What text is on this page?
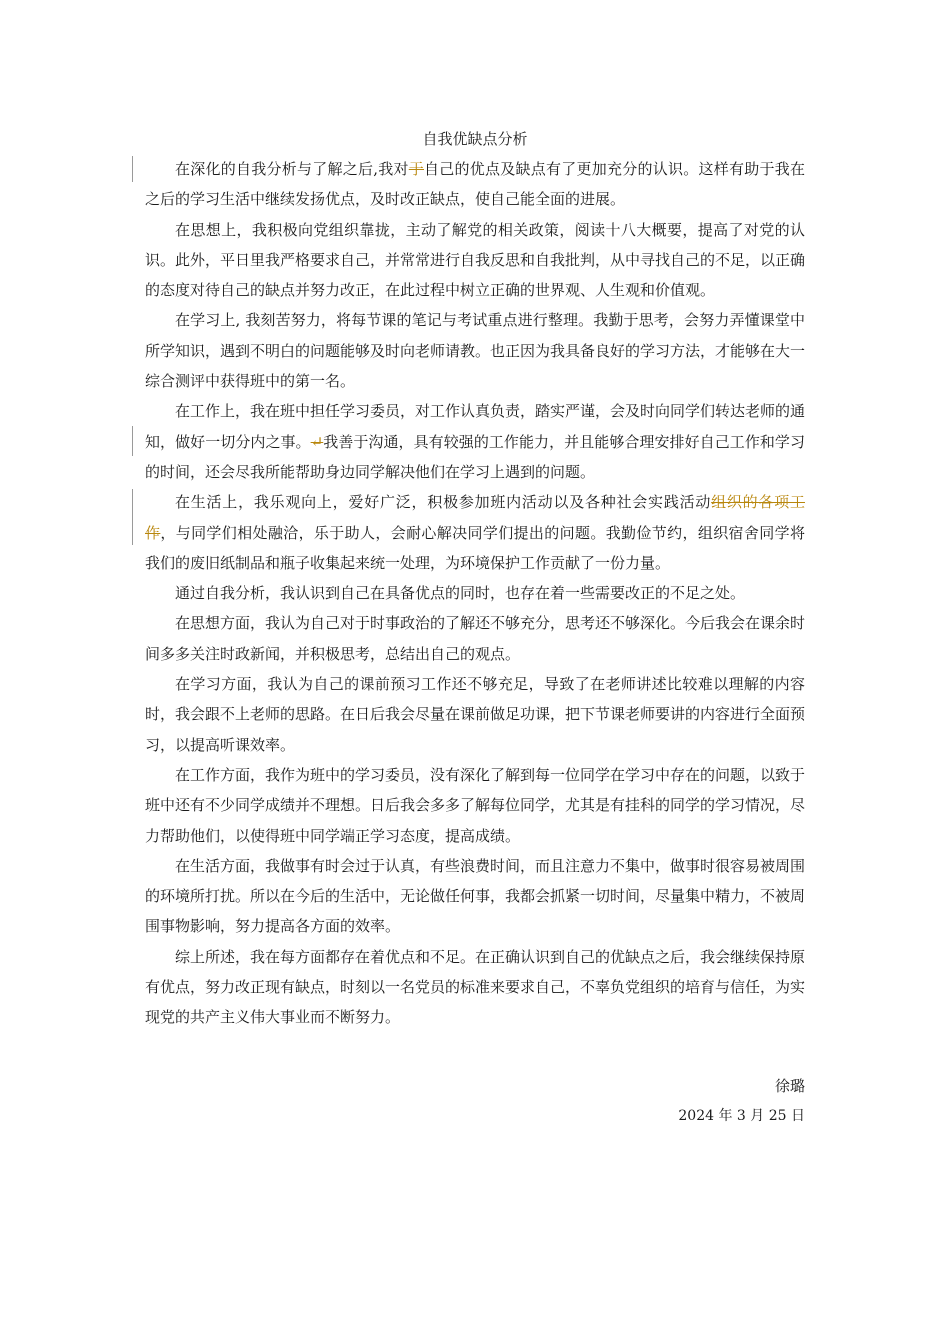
自我优缺点分析

在深化的自我分析与了解之后,我对于自己的优点及缺点有了更加充分的认识。这样有助于我在之后的学习生活中继续发扬优点，及时改正缺点，使自己能全面的进展。

在思想上，我积极向党组织靠拢，主动了解党的相关政策，阅读十八大概要，提高了对党的认识。此外，平日里我严格要求自己，并常常进行自我反思和自我批判，从中寻找自己的不足，以正确的态度对待自己的缺点并努力改正，在此过程中树立正确的世界观、人生观和价值观。

在学习上, 我刻苦努力，将每节课的笔记与考试重点进行整理。我勤于思考，会努力弄懂课堂中所学知识，遇到不明白的问题能够及时向老师请教。也正因为我具备良好的学习方法，才能够在大一综合测评中获得班中的第一名。

在工作上，我在班中担任学习委员，对工作认真负责，踏实严谨，会及时向同学们转达老师的通知，做好一切分内之事。↵我善于沟通，具有较强的工作能力，并且能够合理安排好自己工作和学习的时间，还会尽我所能帮助身边同学解决他们在学习上遇到的问题。

在生活上，我乐观向上，爱好广泛，积极参加班内活动以及各种社会实践活动组织的各项工作，与同学们相处融洽，乐于助人，会耐心解决同学们提出的问题。我勤俭节约，组织宿舍同学将我们的废旧纸制品和瓶子收集起来统一处理，为环境保护工作贡献了一份力量。

通过自我分析，我认识到自己在具备优点的同时，也存在着一些需要改正的不足之处。

在思想方面，我认为自己对于时事政治的了解还不够充分，思考还不够深化。今后我会在课余时间多多关注时政新闻，并积极思考，总结出自己的观点。

在学习方面，我认为自己的课前预习工作还不够充足，导致了在老师讲述比较难以理解的内容时，我会跟不上老师的思路。在日后我会尽量在课前做足功课，把下节课老师要讲的内容进行全面预习，以提高听课效率。

在工作方面，我作为班中的学习委员，没有深化了解到每一位同学在学习中存在的问题，以致于班中还有不少同学成绩并不理想。日后我会多多了解每位同学，尤其是有挂科的同学的学习情况，尽力帮助他们，以使得班中同学端正学习态度，提高成绩。

在生活方面，我做事有时会过于认真，有些浪费时间，而且注意力不集中，做事时很容易被周围的环境所打扰。所以在今后的生活中，无论做任何事，我都会抓紧一切时间，尽量集中精力，不被周围事物影响，努力提高各方面的效率。

综上所述，我在每方面都存在着优点和不足。在正确认识到自己的优缺点之后，我会继续保持原有优点，努力改正现有缺点，时刻以一名党员的标准来要求自己，不辜负党组织的培育与信任，为实现党的共产主义伟大事业而不断努力。

徐璐

2024 年 3 月 25 日
